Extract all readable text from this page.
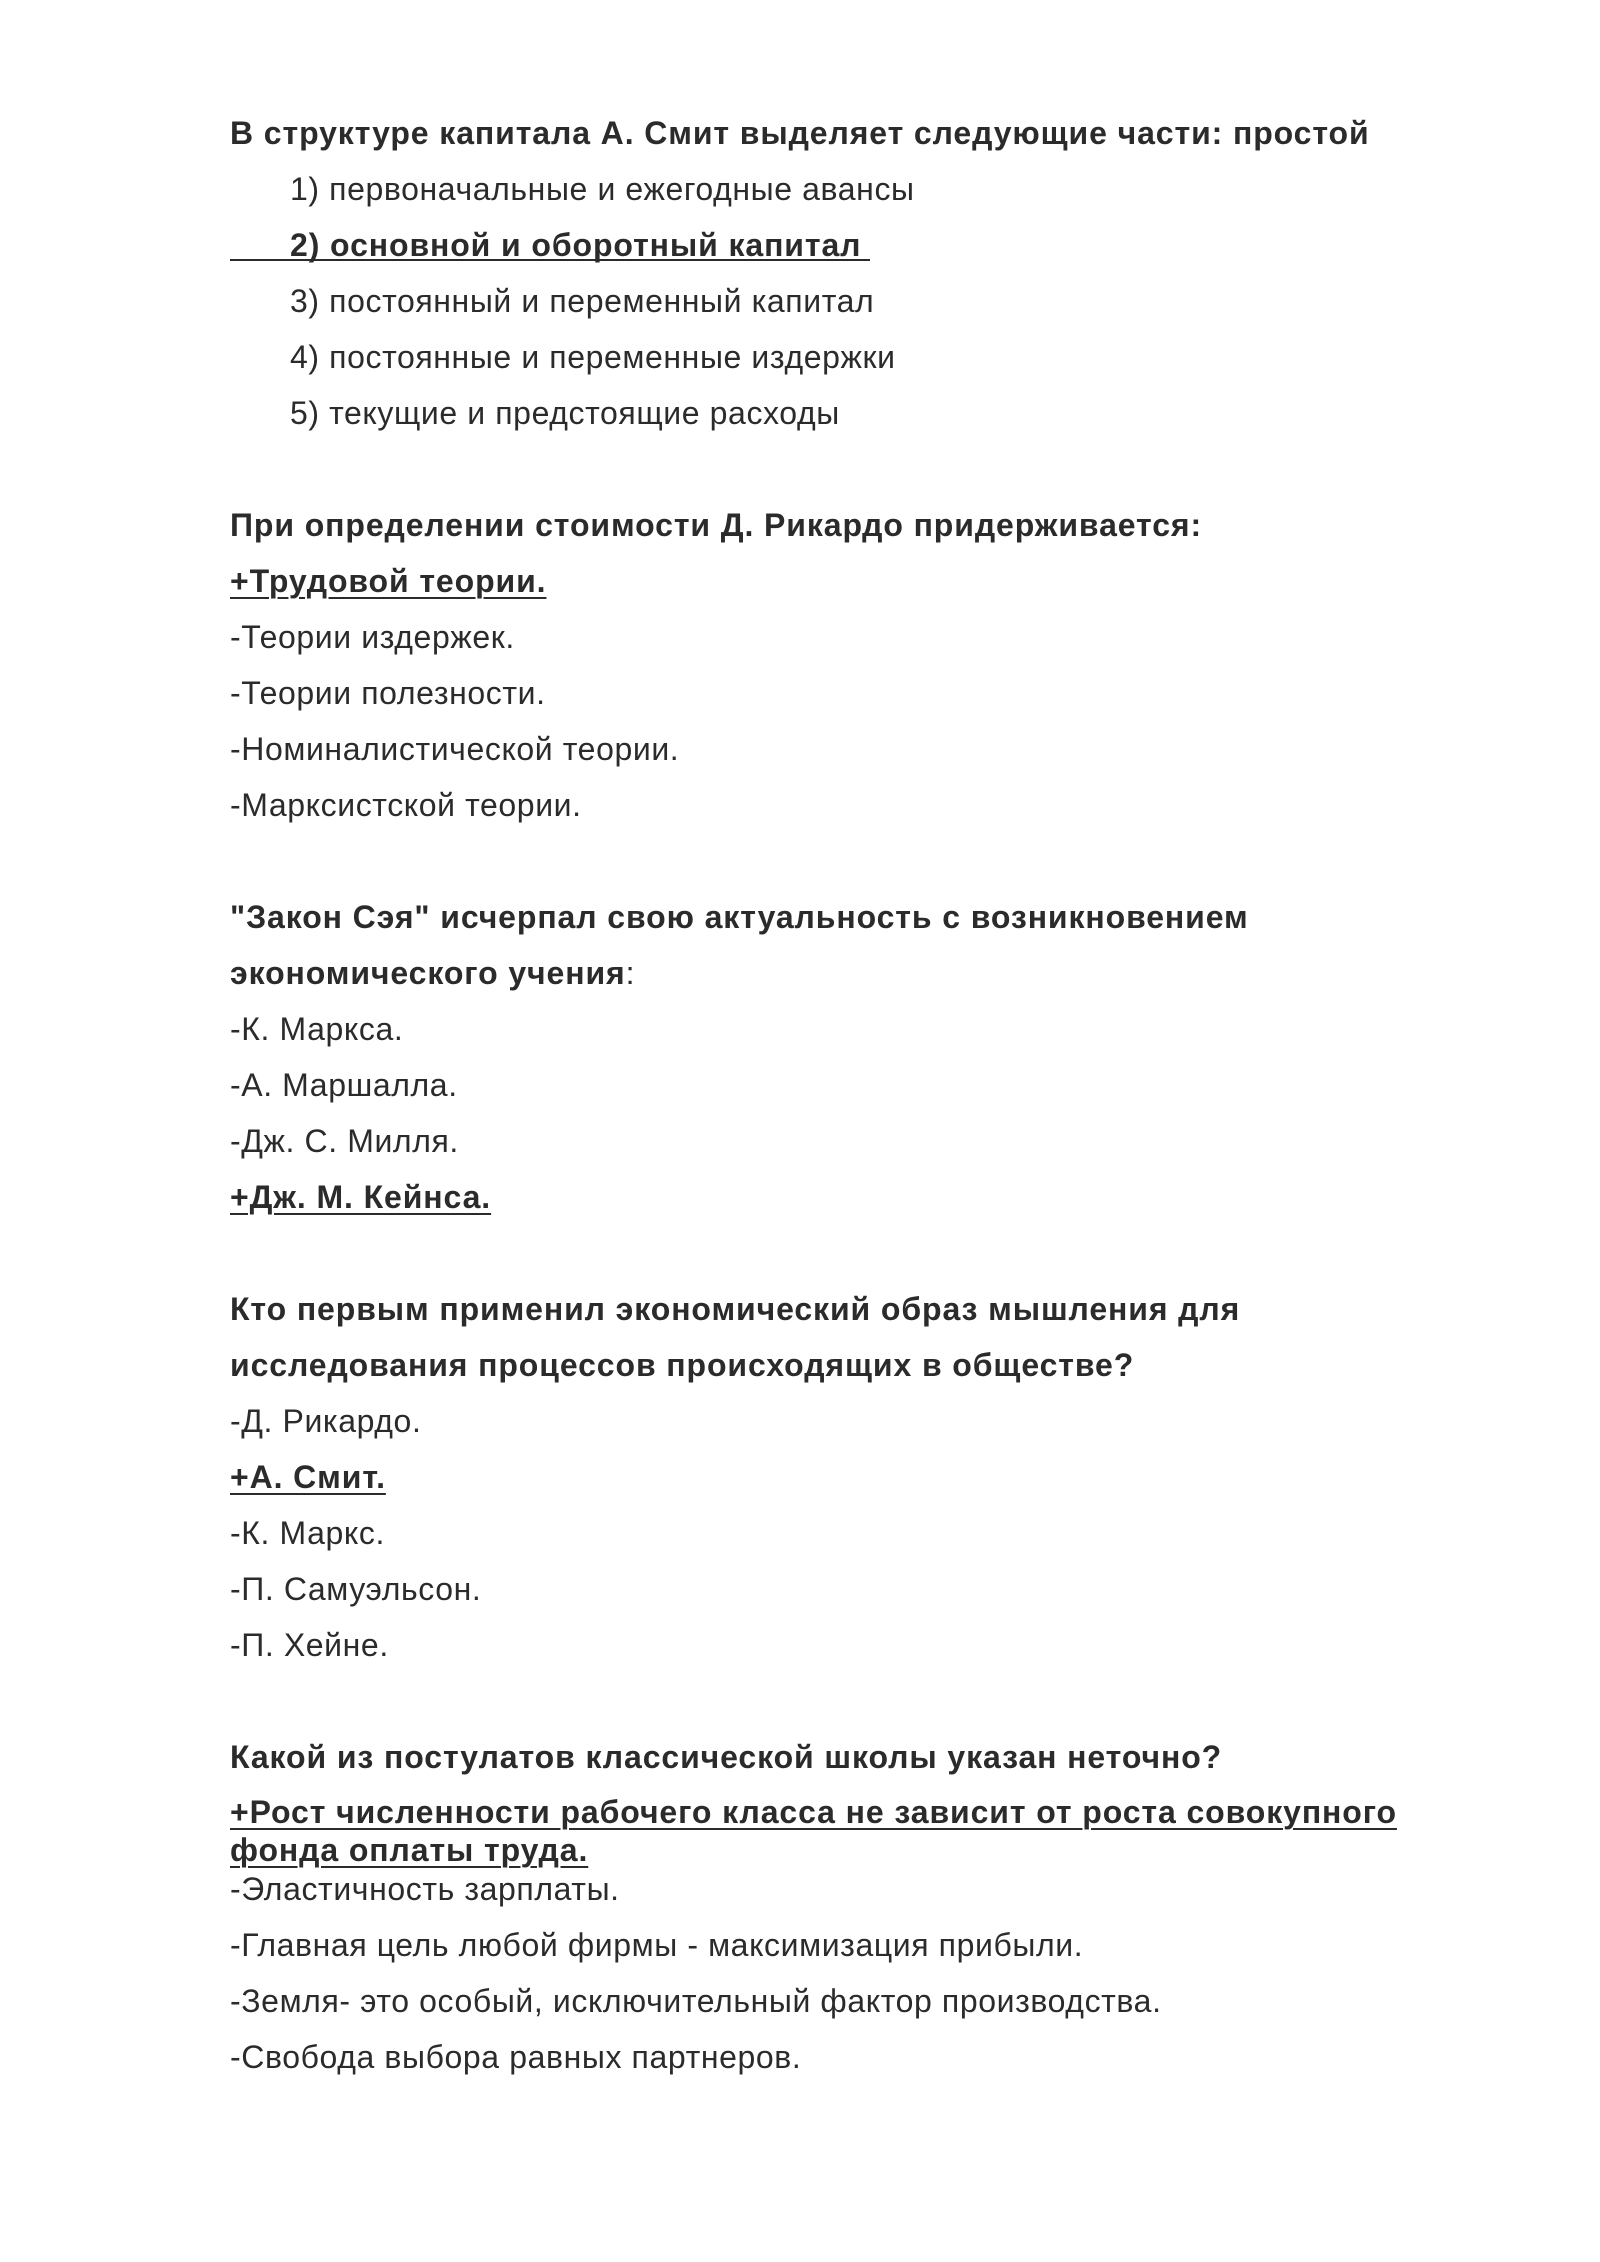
В структуре капитала А. Смит выделяет следующие части: простой
1) первоначальные и ежегодные авансы
2) основной и оборотный капитал
3) постоянный и переменный капитал
4) постоянные и переменные издержки
5) текущие и предстоящие расходы
При определении стоимости Д. Рикардо придерживается:
+Трудовой теории.
-Теории издержек.
-Теории полезности.
-Номиналистической теории.
-Марксистской теории.
"Закон Сэя" исчерпал свою актуальность с возникновением
экономического учения:
-К. Маркса.
-А. Маршалла.
-Дж. С. Милля.
+Дж. М. Кейнса.
Кто первым применил экономический образ мышления для
исследования процессов происходящих в обществе?
-Д. Рикардо.
+А. Смит.
-К. Маркс.
-П. Самуэльсон.
-П. Хейне.
Какой из постулатов классической школы указан неточно?
+Рост численности рабочего класса не зависит от роста совокупного
фонда оплаты труда.
-Эластичность зарплаты.
-Главная цель любой фирмы - максимизация прибыли.
-Земля- это особый, исключительный фактор производства.
-Свобода выбора равных партнеров.
